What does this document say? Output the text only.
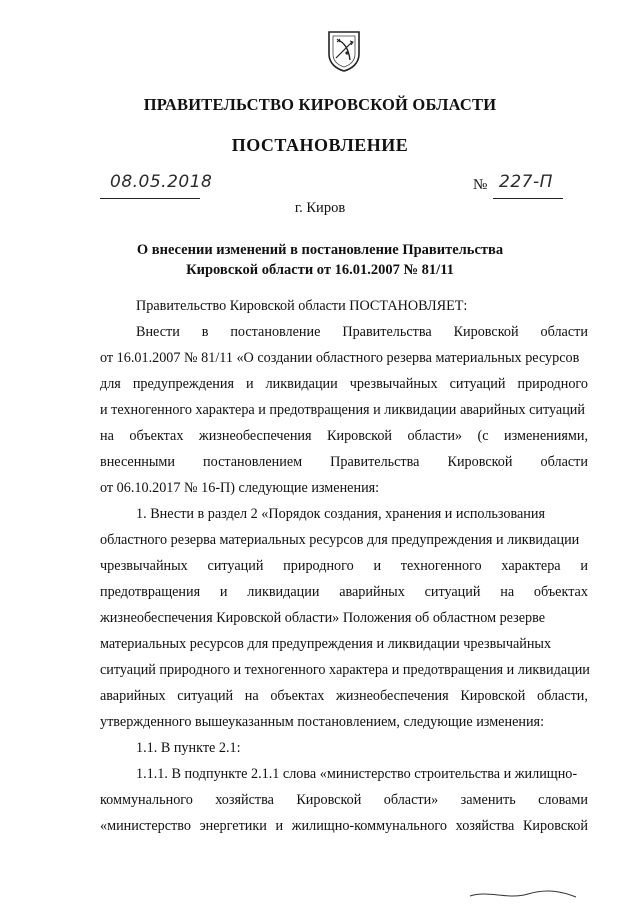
ПРАВИТЕЛЬСТВО КИРОВСКОЙ ОБЛАСТИ
ПОСТАНОВЛЕНИЕ
08.05.2018	№ 227-П
г. Киров
О внесении изменений в постановление Правительства
Кировской области от 16.01.2007 № 81/11
Правительство Кировской области ПОСТАНОВЛЯЕТ:
Внести в постановление Правительства Кировской области
от 16.01.2007 № 81/11 «О создании областного резерва материальных ресурсов
для предупреждения и ликвидации чрезвычайных ситуаций природного
и техногенного характера и предотвращения и ликвидации аварийных ситуаций
на объектах жизнеобеспечения Кировской области» (с изменениями,
внесенными постановлением Правительства Кировской области
от 06.10.2017 № 16-П) следующие изменения:
1. Внести в раздел 2 «Порядок создания, хранения и использования
областного резерва материальных ресурсов для предупреждения и ликвидации
чрезвычайных ситуаций природного и техногенного характера и
предотвращения и ликвидации аварийных ситуаций на объектах
жизнеобеспечения Кировской области» Положения об областном резерве
материальных ресурсов для предупреждения и ликвидации чрезвычайных
ситуаций природного и техногенного характера и предотвращения и ликвидации
аварийных ситуаций на объектах жизнеобеспечения Кировской области,
утвержденного вышеуказанным постановлением, следующие изменения:
1.1. В пункте 2.1:
1.1.1. В подпункте 2.1.1 слова «министерство строительства и жилищно-
коммунального хозяйства Кировской области» заменить словами
«министерство энергетики и жилищно-коммунального хозяйства Кировской
